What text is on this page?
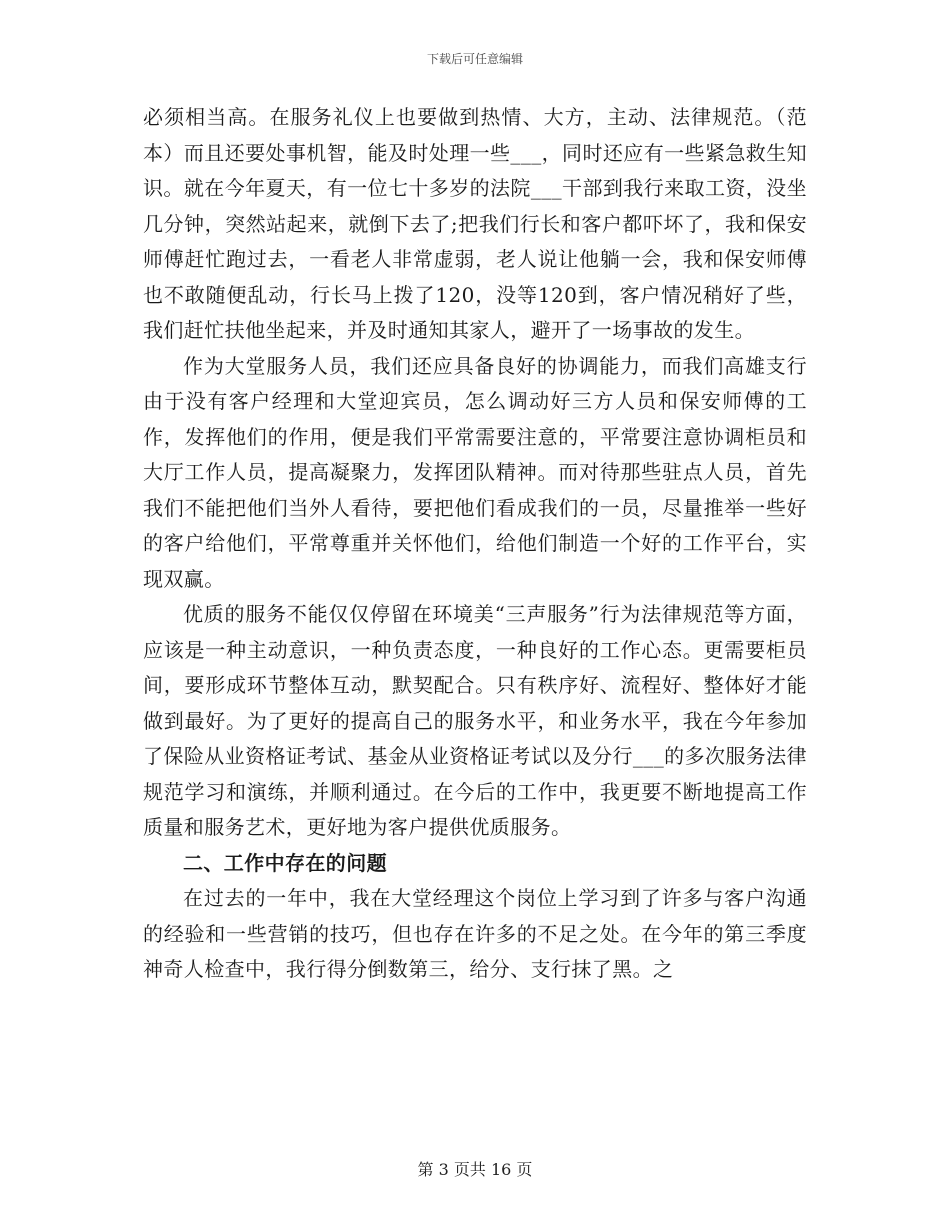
下载后可任意编辑

必须相当高。在服务礼仪上也要做到热情、大方，主动、法律规范。（范本）而且还要处事机智，能及时处理一些___，同时还应有一些紧急救生知识。就在今年夏天，有一位七十多岁的法院___干部到我行来取工资，没坐几分钟，突然站起来，就倒下去了;把我们行长和客户都吓坏了，我和保安师傅赶忙跑过去，一看老人非常虚弱，老人说让他躺一会，我和保安师傅也不敢随便乱动，行长马上拨了120，没等120到，客户情况稍好了些，我们赶忙扶他坐起来，并及时通知其家人，避开了一场事故的发生。

作为大堂服务人员，我们还应具备良好的协调能力，而我们高雄支行由于没有客户经理和大堂迎宾员，怎么调动好三方人员和保安师傅的工作，发挥他们的作用，便是我们平常需要注意的，平常要注意协调柜员和大厅工作人员，提高凝聚力，发挥团队精神。而对待那些驻点人员，首先我们不能把他们当外人看待，要把他们看成我们的一员，尽量推举一些好的客户给他们，平常尊重并关怀他们，给他们制造一个好的工作平台，实现双赢。

优质的服务不能仅仅停留在环境美“三声服务”行为法律规范等方面，应该是一种主动意识，一种负责态度，一种良好的工作心态。更需要柜员间，要形成环节整体互动，默契配合。只有秩序好、流程好、整体好才能做到最好。为了更好的提高自己的服务水平，和业务水平，我在今年参加了保险从业资格证考试、基金从业资格证考试以及分行___的多次服务法律规范学习和演练，并顺利通过。在今后的工作中，我更要不断地提高工作质量和服务艺术，更好地为客户提供优质服务。

二、工作中存在的问题

在过去的一年中，我在大堂经理这个岗位上学习到了许多与客户沟通的经验和一些营销的技巧，但也存在许多的不足之处。在今年的第三季度神奇人检查中，我行得分倒数第三，给分、支行抹了黑。之

第 3 页共 16 页
